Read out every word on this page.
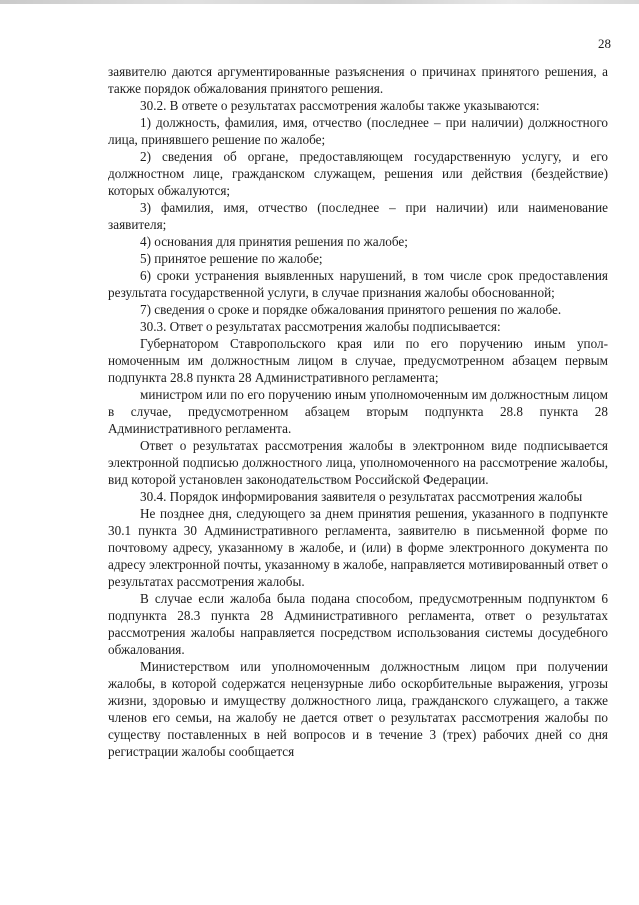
28

заявителю даются аргументированные разъяснения о причинах принятого решения, а также порядок обжалования принятого решения.

30.2. В ответе о результатах рассмотрения жалобы также указываются:

1) должность, фамилия, имя, отчество (последнее – при наличии) должностного лица, принявшего решение по жалобе;

2) сведения об органе, предоставляющем государственную услугу, и его должностном лице, гражданском служащем, решения или действия (бездействие) которых обжалуются;

3) фамилия, имя, отчество (последнее – при наличии) или наименование заявителя;

4) основания для принятия решения по жалобе;

5) принятое решение по жалобе;

6) сроки устранения выявленных нарушений, в том числе срок предоставления результата государственной услуги, в случае признания жалобы обоснованной;

7) сведения о сроке и порядке обжалования принятого решения по жалобе.

30.3. Ответ о результатах рассмотрения жалобы подписывается:

Губернатором Ставропольского края или по его поручению иным уполномоченным им должностным лицом в случае, предусмотренном абзацем первым подпункта 28.8 пункта 28 Административного регламента;

министром или по его поручению иным уполномоченным им должностным лицом в случае, предусмотренном абзацем вторым подпункта 28.8 пункта 28 Административного регламента.

Ответ о результатах рассмотрения жалобы в электронном виде подписывается электронной подписью должностного лица, уполномоченного на рассмотрение жалобы, вид которой установлен законодательством Российской Федерации.

30.4. Порядок информирования заявителя о результатах рассмотрения жалобы

Не позднее дня, следующего за днем принятия решения, указанного в подпункте 30.1 пункта 30 Административного регламента, заявителю в письменной форме по почтовому адресу, указанному в жалобе, и (или) в форме электронного документа по адресу электронной почты, указанному в жалобе, направляется мотивированный ответ о результатах рассмотрения жалобы.

В случае если жалоба была подана способом, предусмотренным подпунктом 6 подпункта 28.3 пункта 28 Административного регламента, ответ о результатах рассмотрения жалобы направляется посредством использования системы досудебного обжалования.

Министерством или уполномоченным должностным лицом при получении жалобы, в которой содержатся нецензурные либо оскорбительные выражения, угрозы жизни, здоровью и имуществу должностного лица, гражданского служащего, а также членов его семьи, на жалобу не дается ответ о результатах рассмотрения жалобы по существу поставленных в ней вопросов и в течение 3 (трех) рабочих дней со дня регистрации жалобы сообщается
